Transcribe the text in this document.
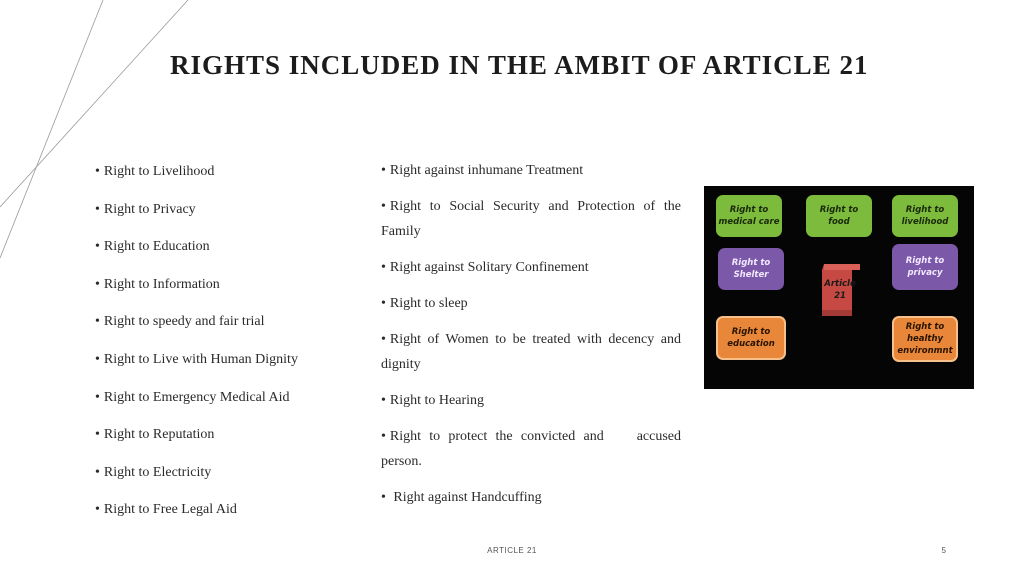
RIGHTS INCLUDED IN THE AMBIT OF ARTICLE 21
• Right to Livelihood
• Right to Privacy
• Right to Education
• Right to Information
• Right to speedy and fair trial
• Right to Live with Human Dignity
• Right to Emergency Medical Aid
• Right to Reputation
• Right to Electricity
• Right to Free Legal Aid
• Right against inhumane Treatment
• Right to Social Security and Protection of the Family
• Right against Solitary Confinement
• Right to sleep
• Right of Women to be treated with decency and dignity
• Right to Hearing
• Right to protect the convicted and    accused person.
• Right against Handcuffing
Right to medical care
Right to food
Right to livelihood
Right to Shelter
Right to privacy
Right to education
Right to healthy environmnt
Article 21
ARTICLE 21	5
